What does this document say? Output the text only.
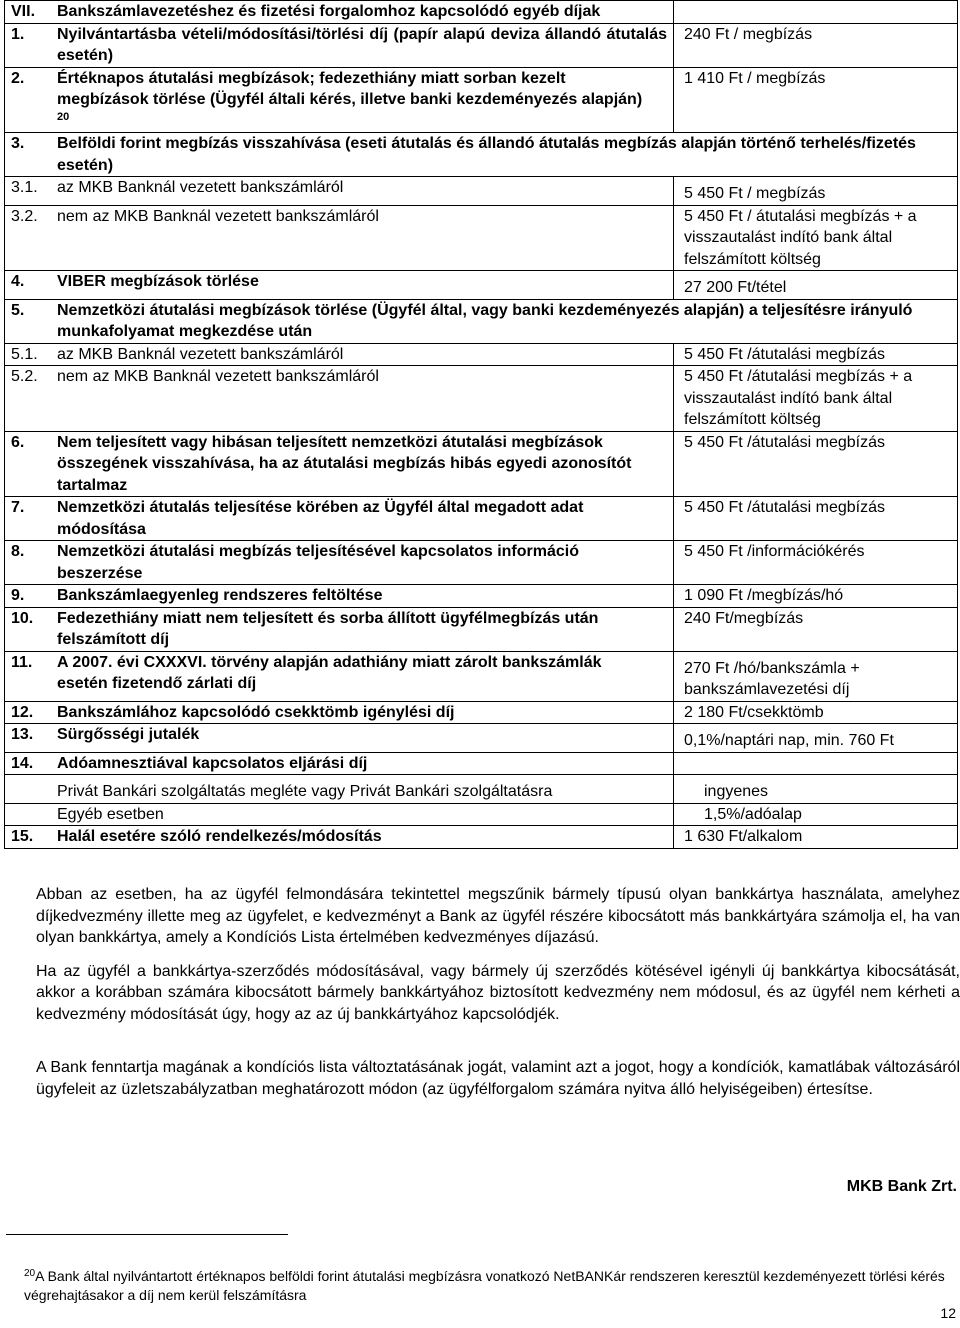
VII. Bankszámlavezetéshez és fizetési forgalomhoz kapcsolódó egyéb díjak	

1. Nyilvántartásba vételi/módosítási/törlési díj (papír alapú deviza állandó átutalás esetén)	240 Ft / megbízás

2. Értéknapos átutalási megbízások; fedezethiány miatt sorban kezelt megbízások törlése (Ügyfél általi kérés, illetve banki kezdeményezés alapján) $^{20}$	1 410 Ft / megbízás

3. Belföldi forint megbízás visszahívása (eseti átutalás és állandó átutalás megbízás alapján történő terhelés/fizetés esetén)	

3.1. az MKB Banknál vezetett bankszámláról	5 450 Ft / megbízás

3.2. nem az MKB Banknál vezetett bankszámláról	5 450 Ft / átutalási megbízás + a visszautalást indító bank által felszámított költség

4. VIBER megbízások törlése	27 200 Ft/tétel

5. Nemzetközi átutalási megbízások törlése (Ügyfél által, vagy banki kezdeményezés alapján) a teljesítésre irányuló munkafolyamat megkezdése után	

5.1. az MKB Banknál vezetett bankszámláról	5 450 Ft /átutalási megbízás

5.2. nem az MKB Banknál vezetett bankszámláról	5 450 Ft /átutalási megbízás + a visszautalást indító bank által felszámított költség

6. Nem teljesített vagy hibásan teljesített nemzetközi átutalási megbízások összegének visszahívása, ha az átutalási megbízás hibás egyedi azonosítót tartalmaz	5 450 Ft /átutalási megbízás

7. Nemzetközi átutalás teljesítése körében az Ügyfél által megadott adat módosítása	5 450 Ft /átutalási megbízás

8. Nemzetközi átutalási megbízás teljesítésével kapcsolatos információ beszerzése	5 450 Ft /információkérés

9. Bankszámlaegyenleg rendszeres feltöltése	1 090 Ft /megbízás/hó

10. Fedezethiány miatt nem teljesített és sorba állított ügyfélmegbízás után felszámított díj	240 Ft/megbízás

11. A 2007. évi CXXXVI. törvény alapján adathiány miatt zárolt bankszámlák esetén fizetendő zárlati díj	270 Ft /hó/bankszámla + bankszámlavezetési díj

12. Bankszámlához kapcsolódó csekktömb igénylési díj	2 180 Ft/csekktömb

13. Sürgősségi jutalék	0,1%/naptári nap, min. 760 Ft

14. Adóamnesztiával kapcsolatos eljárási díj	

Privát Bankári szolgáltatás megléte vagy Privát Bankári szolgáltatásra	ingyenes

Egyéb esetben	1,5%/adóalap

15. Halál esetére szóló rendelkezés/módosítás	1 630 Ft/alkalom

Abban az esetben, ha az ügyfél felmondására tekintettel megszűnik bármely típusú olyan bankkártya használata, amelyhez díjkedvezmény illette meg az ügyfelet, e kedvezményt a Bank az ügyfél részére kibocsátott más bankkártyára számolja el, ha van olyan bankkártya, amely a Kondíciós Lista értelmében kedvezményes díjazású.

Ha az ügyfél a bankkártya-szerződés módosításával, vagy bármely új szerződés kötésével igényli új bankkártya kibocsátását, akkor a korábban számára kibocsátott bármely bankkártyához biztosított kedvezmény nem módosul, és az ügyfél nem kérheti a kedvezmény módosítását úgy, hogy az az új bankkártyához kapcsolódjék.

A Bank fenntartja magának a kondíciós lista változtatásának jogát, valamint azt a jogot, hogy a kondíciók, kamatlábak változásáról ügyfeleit az üzletszabályzatban meghatározott módon (az ügyfélforgalom számára nyitva álló helyiségeiben) értesítse.

MKB Bank Zrt.
$^{20}$A Bank által nyilvántartott értéknapos belföldi forint átutalási megbízásra vonatkozó NetBANKár rendszeren keresztül kezdeményezett törlési kérés végrehajtásakor a díj nem kerül felszámításra
12
